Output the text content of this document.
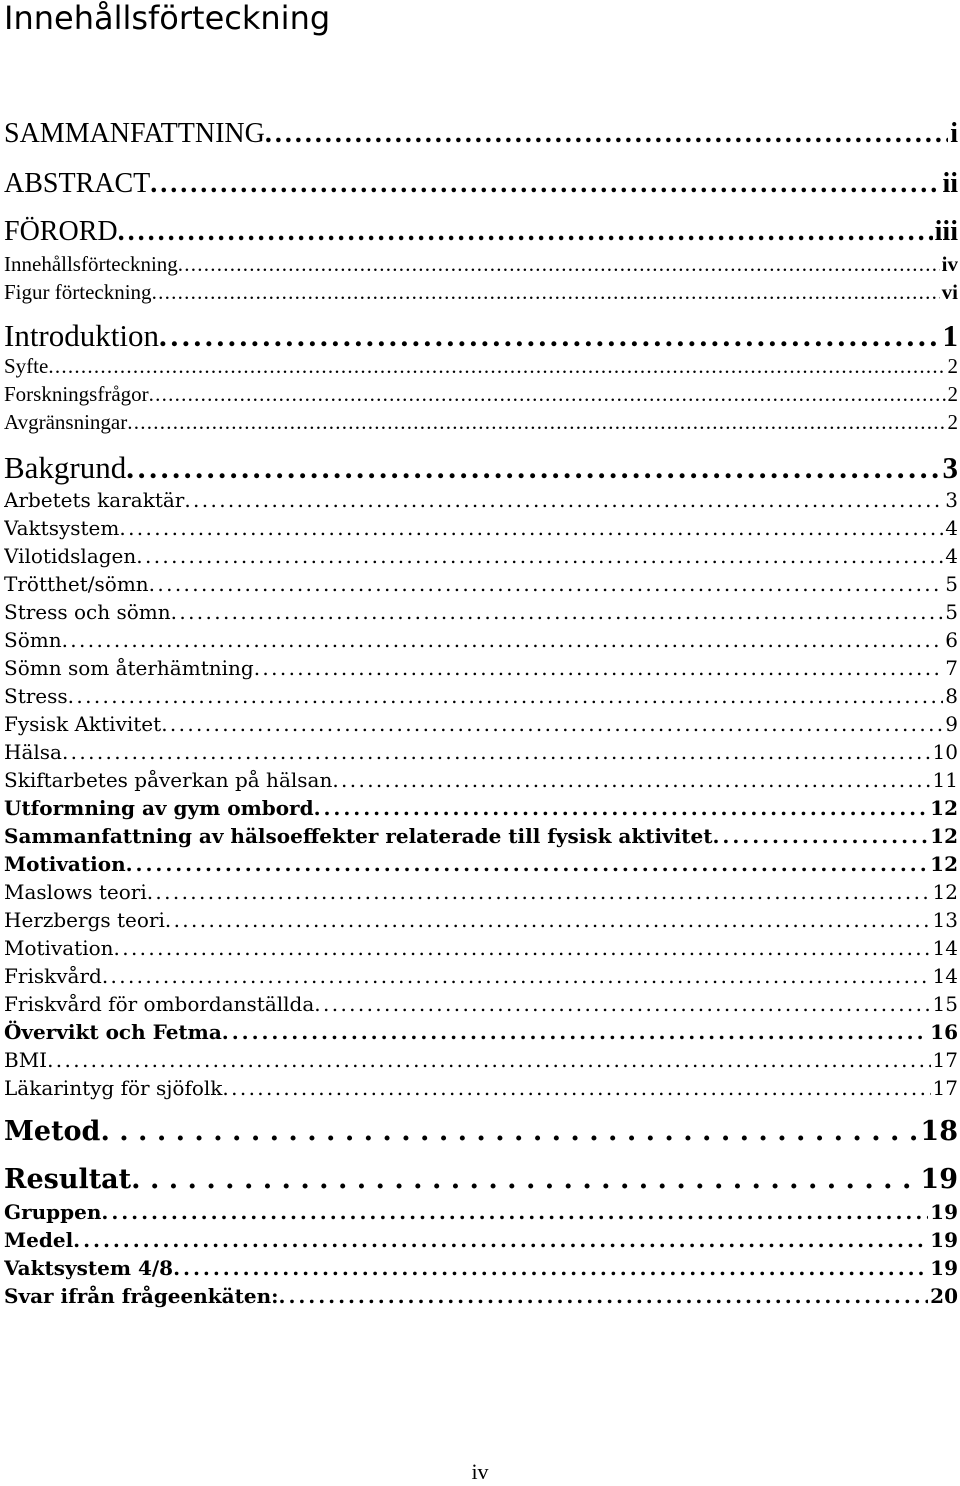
Innehållsförteckning
SAMMANFATTNING . . .	i
ABSTRACT . . .	ii
FÖRORD . . .	iii
Innehållsförteckning . . .	iv
Figur förteckning . . .	vi
Introduktion . . .	1
Syfte . . .	2
Forskningsfrågor . . .	2
Avgränsningar . . .	2
Bakgrund . . .	3
Arbetets karaktär . . .	3
Vaktsystem . . .	4
Vilotidslagen . . .	4
Trötthet/sömn . . .	5
Stress och sömn . . .	5
Sömn . . .	6
Sömn som återhämtning . . .	7
Stress . . .	8
Fysisk Aktivitet . . .	9
Hälsa . . .	10
Skiftarbetes påverkan på hälsan . . .	11
Utformning av gym ombord . . .	12
Sammanfattning av hälsoeffekter relaterade till fysisk aktivitet . . .	12
Motivation . . .	12
Maslows teori . . .	12
Herzbergs teori . . .	13
Motivation . . .	14
Friskvård . . .	14
Friskvård för ombordanställda . . .	15
Övervikt och Fetma . . .	16
BMI . . .	17
Läkarintyg för sjöfolk . . .	17
Metod . . .	18
Resultat . . .	19
Gruppen . . .	19
Medel . . .	19
Vaktsystem 4/8 . . .	19
Svar ifrån frågeenkäten: . . .	20
iv
